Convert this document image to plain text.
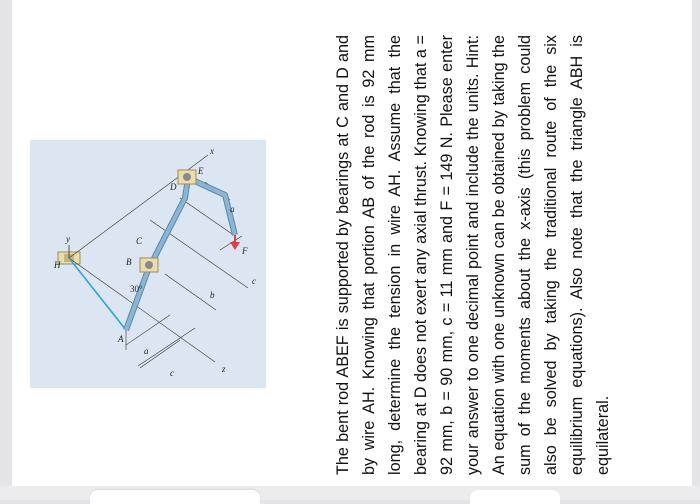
y
H	B
C
D
E
x
a
a
b
c
c
F
30°
A
z	The bent rod ABEF is supported by bearings at C and D and by wire AH. Knowing that portion AB of the rod is 92 mm long, determine the tension in wire AH. Assume that the bearing at D does not exert any axial thrust. Knowing that a = 92 mm, b = 90 mm, c = 11 mm and F = 149 N. Please enter your answer to one decimal point and include the units. Hint: An equation with one unknown can be obtained by taking the sum of the moments about the x-axis (this problem could also be solved by taking the traditional route of the six equilibrium equations). Also note that the triangle ABH is equilateral.
